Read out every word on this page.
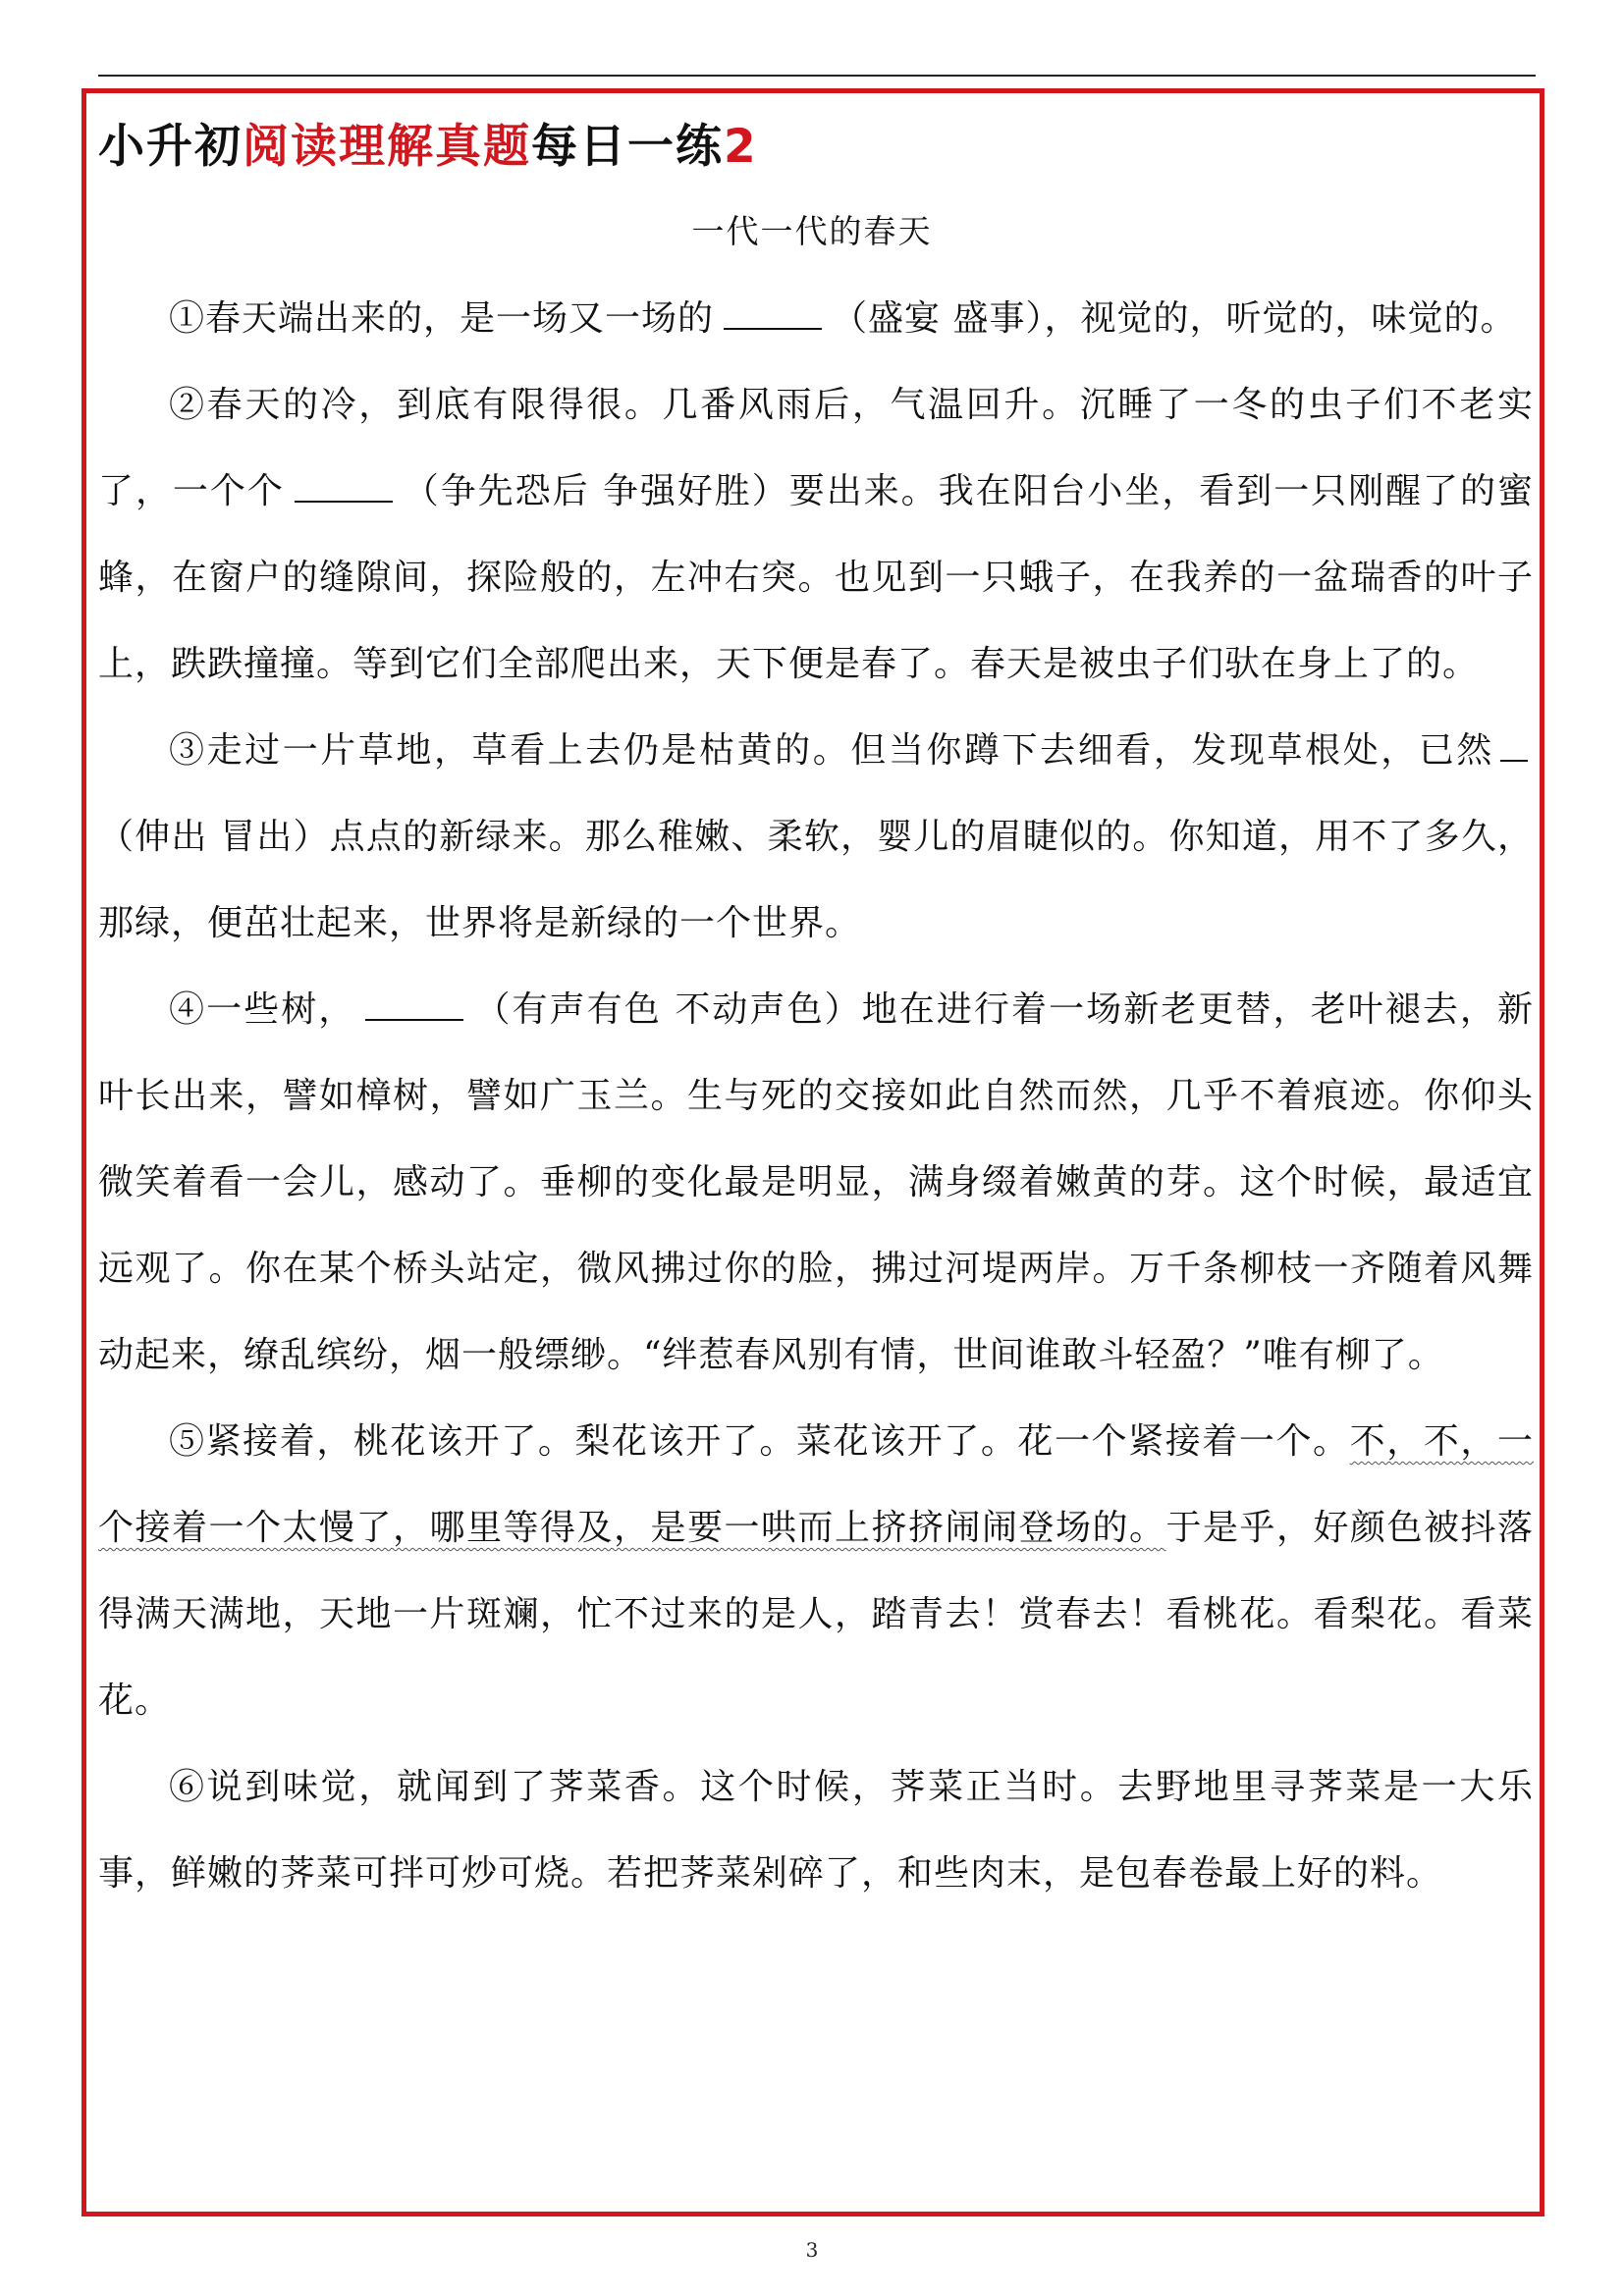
小升初阅读理解真题每日一练2
一代一代的春天

①春天端出来的，是一场又一场的	（盛宴 盛事），视觉的，听觉的，味觉的。

②春天的冷，到底有限得很。几番风雨后，气温回升。沉睡了一冬的虫子们不老实了，一个个	（争先恐后 争强好胜）要出来。我在阳台小坐，看到一只刚醒了的蜜蜂，在窗户的缝隙间，探险般的，左冲右突。也见到一只蛾子，在我养的一盆瑞香的叶子上，跌跌撞撞。等到它们全部爬出来，天下便是春了。春天是被虫子们驮在身上了的。

③走过一片草地，草看上去仍是枯黄的。但当你蹲下去细看，发现草根处，已然（伸出 冒出）点点的新绿来。那么稚嫩、柔软，婴儿的眉睫似的。你知道，用不了多久，那绿，便茁壮起来，世界将是新绿的一个世界。

④一些树，	（有声有色 不动声色）地在进行着一场新老更替，老叶褪去，新叶长出来，譬如樟树，譬如广玉兰。生与死的交接如此自然而然，几乎不着痕迹。你仰头微笑着看一会儿，感动了。垂柳的变化最是明显，满身缀着嫩黄的芽。这个时候，最适宜远观了。你在某个桥头站定，微风拂过你的脸，拂过河堤两岸。万千条柳枝一齐随着风舞动起来，缭乱缤纷，烟一般缥缈。“绊惹春风别有情，世间谁敢斗轻盈？”唯有柳了。

⑤紧接着，桃花该开了。梨花该开了。菜花该开了。花一个紧接着一个。不，不，一个接着一个太慢了，哪里等得及，是要一哄而上挤挤闹闹登场的。于是乎，好颜色被抖落得满天满地，天地一片斑斓，忙不过来的是人，踏青去！赏春去！看桃花。看梨花。看菜花。

⑥说到味觉，就闻到了荠菜香。这个时候，荠菜正当时。去野地里寻荠菜是一大乐事，鲜嫩的荠菜可拌可炒可烧。若把荠菜剁碎了，和些肉末，是包春卷最上好的料。

3
